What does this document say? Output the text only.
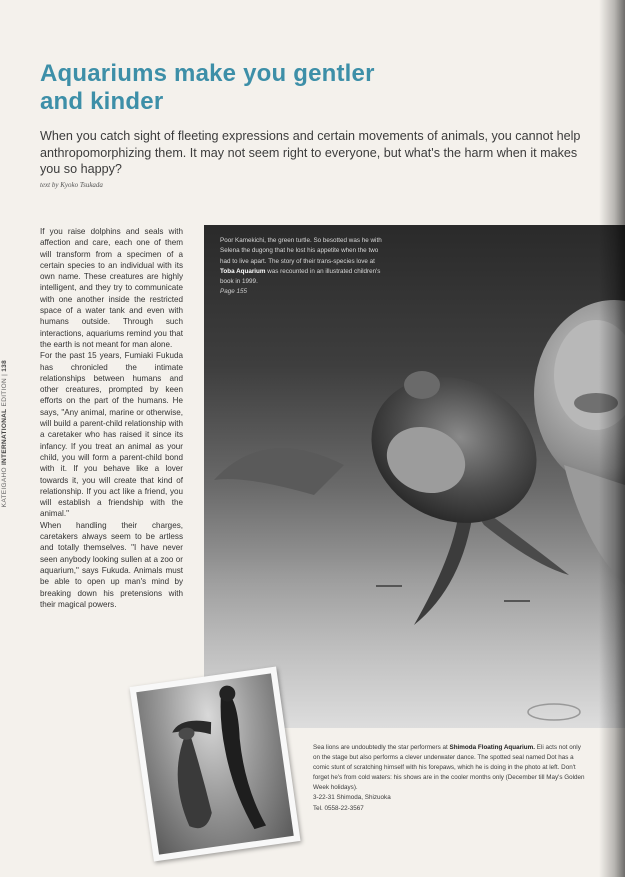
Aquariums make you gentler and kinder

When you catch sight of fleeting expressions and certain movements of animals, you cannot help anthropomorphizing them. It may not seem right to everyone, but what's the harm when it makes you so happy?

text by Kyoko Tsukada

KATEIGAHO INTERNATIONAL EDITION | 138

If you raise dolphins and seals with affection and care, each one of them will transform from a specimen of a certain species to an individual with its own name. These creatures are highly intelligent, and they try to communicate with one another inside the restricted space of a water tank and even with humans outside. Through such interactions, aquariums remind you that the earth is not meant for man alone.

For the past 15 years, Fumiaki Fukuda has chronicled the intimate relationships between humans and other creatures, prompted by keen efforts on the part of the humans. He says, "Any animal, marine or otherwise, will build a parent-child relationship with a caretaker who has raised it since its infancy. If you treat an animal as your child, you will form a parent-child bond with it. If you behave like a lover towards it, you will create that kind of relationship. If you act like a friend, you will establish a friendship with the animal."

When handling their charges, caretakers always seem to be artless and totally themselves. "I have never seen anybody looking sullen at a zoo or aquarium," says Fukuda. Animals must be able to open up man's mind by breaking down his pretensions with their magical powers.

Poor Kamekichi, the green turtle. So besotted was he with Selena the dugong that he lost his appetite when the two had to live apart. The story of their trans-species love at Toba Aquarium was recounted in an illustrated children's book in 1999.
Page 155

Sea lions are undoubtedly the star performers at Shimoda Floating Aquarium. Eli acts not only on the stage but also performs a clever underwater dance. The spotted seal named Dot has a comic stunt of scratching himself with his forepaws, which he is doing in the photo at left. Don't forget he's from cold waters: his shows are in the cooler months only (December till May's Golden Week holidays).
3-22-31 Shimoda, Shizuoka
Tel. 0558-22-3567
